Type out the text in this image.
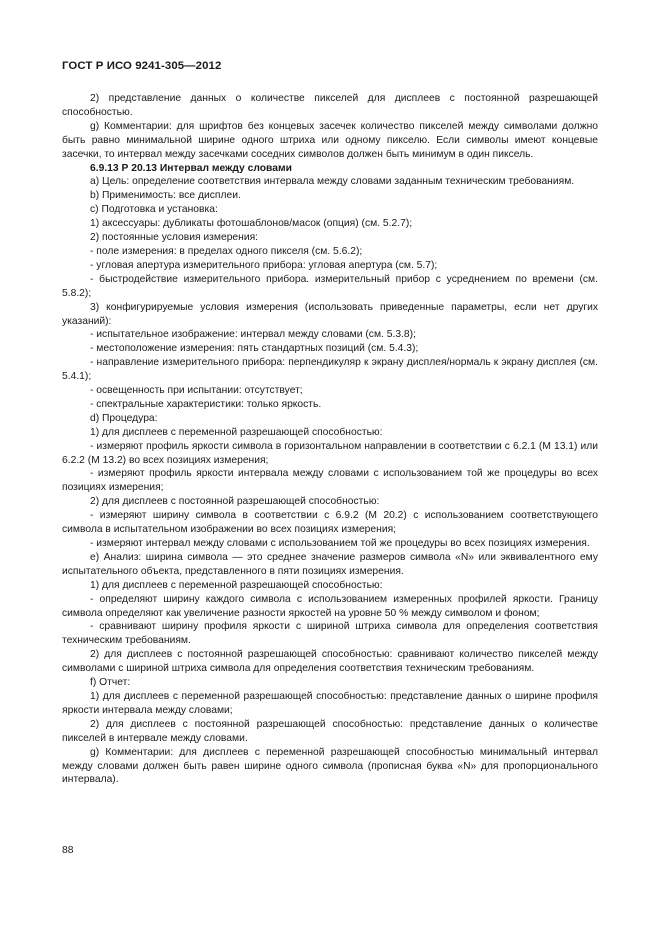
ГОСТ Р ИСО 9241-305—2012

2) представление данных о количестве пикселей для дисплеев с постоянной разрешающей способностью.

g) Комментарии: для шрифтов без концевых засечек количество пикселей между символами должно быть равно минимальной ширине одного штриха или одному пикселю. Если символы имеют концевые засечки, то интервал между засечками соседних символов должен быть минимум в один пиксель.

6.9.13 Р 20.13 Интервал между словами

a) Цель: определение соответствия интервала между словами заданным техническим требованиям.

b) Применимость: все дисплеи.

c) Подготовка и установка:

1) аксессуары: дубликаты фотошаблонов/масок (опция) (см. 5.2.7);

2) постоянные условия измерения:

- поле измерения: в пределах одного пикселя (см. 5.6.2);

- угловая апертура измерительного прибора: угловая апертура (см. 5.7);

- быстродействие измерительного прибора. измерительный прибор с усреднением по времени (см. 5.8.2);

3) конфигурируемые условия измерения (использовать приведенные параметры, если нет других указаний):

- испытательное изображение: интервал между словами (см. 5.3.8);

- местоположение измерения: пять стандартных позиций (см. 5.4.3);

- направление измерительного прибора: перпендикуляр к экрану дисплея/нормаль к экрану дисплея (см. 5.4.1);

- освещенность при испытании: отсутствует;

- спектральные характеристики: только яркость.

d) Процедура:

1) для дисплеев с переменной разрешающей способностью:

- измеряют профиль яркости символа в горизонтальном направлении в соответствии с 6.2.1 (М 13.1) или 6.2.2 (М 13.2) во всех позициях измерения;

- измеряют профиль яркости интервала между словами с использованием той же процедуры во всех позициях измерения;

2) для дисплеев с постоянной разрешающей способностью:

- измеряют ширину символа в соответствии с 6.9.2 (М 20.2) с использованием соответствующего символа в испытательном изображении во всех позициях измерения;

- измеряют интервал между словами с использованием той же процедуры во всех позициях измерения.

e) Анализ: ширина символа — это среднее значение размеров символа «N» или эквивалентного ему испытательного объекта, представленного в пяти позициях измерения.

1) для дисплеев с переменной разрешающей способностью:

- определяют ширину каждого символа с использованием измеренных профилей яркости. Границу символа определяют как увеличение разности яркостей на уровне 50 % между символом и фоном;

- сравнивают ширину профиля яркости с шириной штриха символа для определения соответствия техническим требованиям.

2) для дисплеев с постоянной разрешающей способностью: сравнивают количество пикселей между символами с шириной штриха символа для определения соответствия техническим требованиям.

f) Отчет:

1) для дисплеев с переменной разрешающей способностью: представление данных о ширине профиля яркости интервала между словами;

2) для дисплеев с постоянной разрешающей способностью: представление данных о количестве пикселей в интервале между словами.

g) Комментарии: для дисплеев с переменной разрешающей способностью минимальный интервал между словами должен быть равен ширине одного символа (прописная буква «N» для пропорционального интервала).

88
